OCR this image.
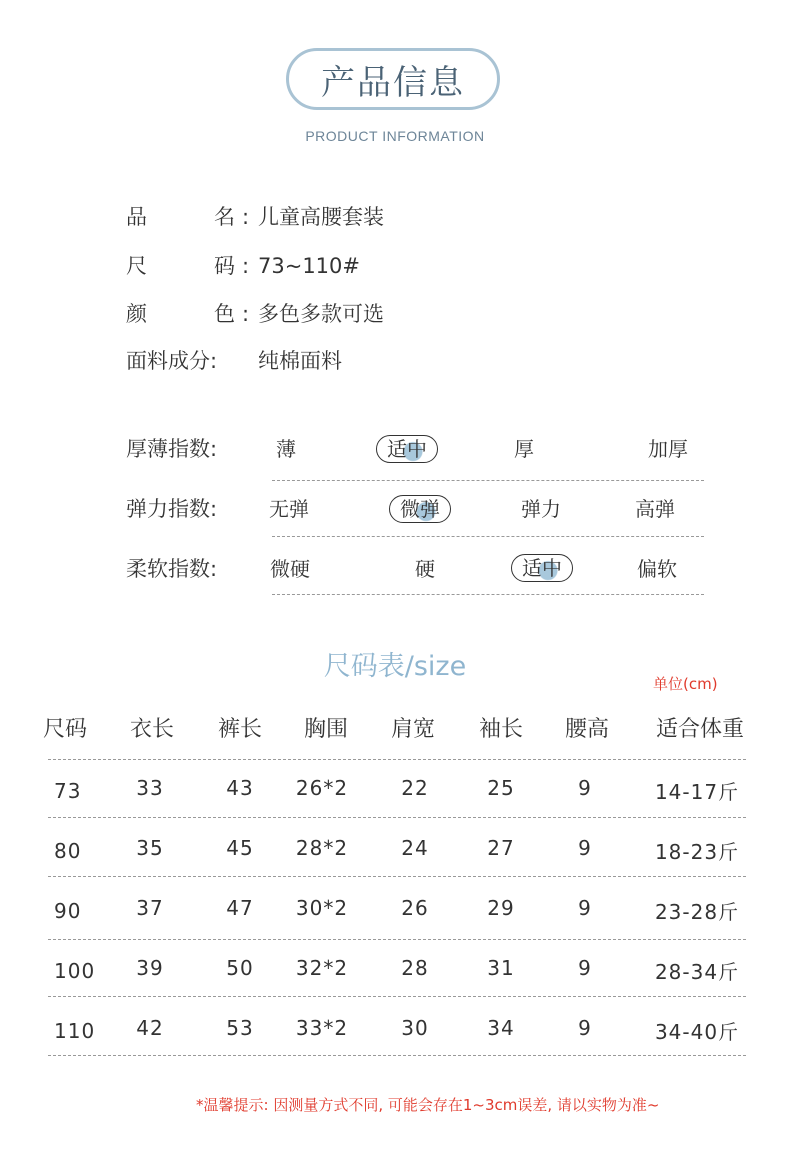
产品信息
PRODUCT INFORMATION
品	名 : 儿童高腰套装
尺	码 : 73~110#
颜	色 : 多色多款可选
面料成分:	纯棉面料
厚薄指数:	薄	适中	厚	加厚
弹力指数:	无弹	微弹	弹力	高弹
柔软指数:	微硬	硬	适中	偏软
尺码表/size
单位(cm)
尺码 衣长 裤长 胸围 肩宽 袖长 腰高 适合体重
73	33	43 26*2	22	25	9	14-17斤
80	35	45 28*2	24	27	9	18-23斤
90	37	47 30*2	26	29	9	23-28斤
100 39	50 32*2	28	31	9	28-34斤
110 42	53 33*2	30	34	9	34-40斤
*温馨提示: 因测量方式不同, 可能会存在1~3cm误差, 请以实物为准~
